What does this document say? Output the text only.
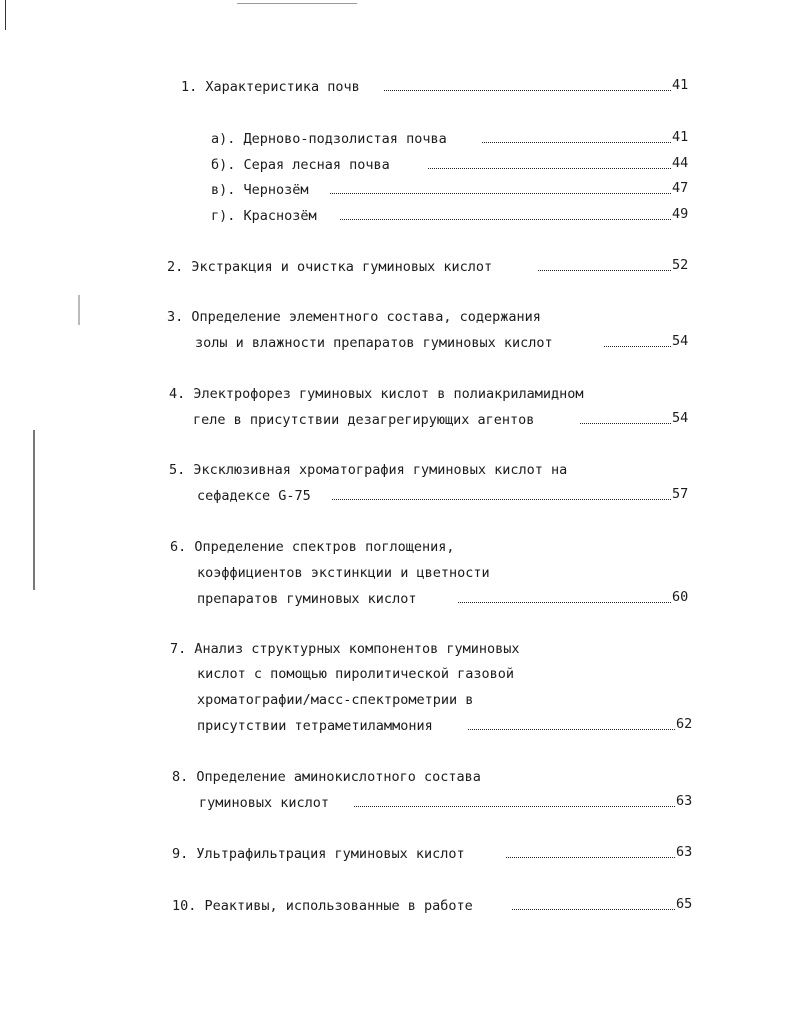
1. Характеристика почв	41
а). Дерново-подзолистая почва	41
б). Серая лесная почва	44
в). Чернозём	47
г). Краснозём	49
2. Экстракция и очистка гуминовых кислот	52
3. Определение элементного состава, содержания
золы и влажности препаратов гуминовых кислот	54
4. Электрофорез гуминовых кислот в полиакриламидном
геле в присутствии дезагрегирующих агентов	54
5. Эксклюзивная хроматография гуминовых кислот на
сефадексе G-75	57
6. Определение спектров поглощения,
коэффициентов экстинкции и цветности
препаратов гуминовых кислот	60
7. Анализ структурных компонентов гуминовых
кислот с помощью пиролитической газовой
хроматографии/масс-спектрометрии в
присутствии тетраметиламмония	62
8. Определение аминокислотного состава
гуминовых кислот	63
9. Ультрафильтрация гуминовых кислот	63
10. Реактивы, использованные в работе	65
